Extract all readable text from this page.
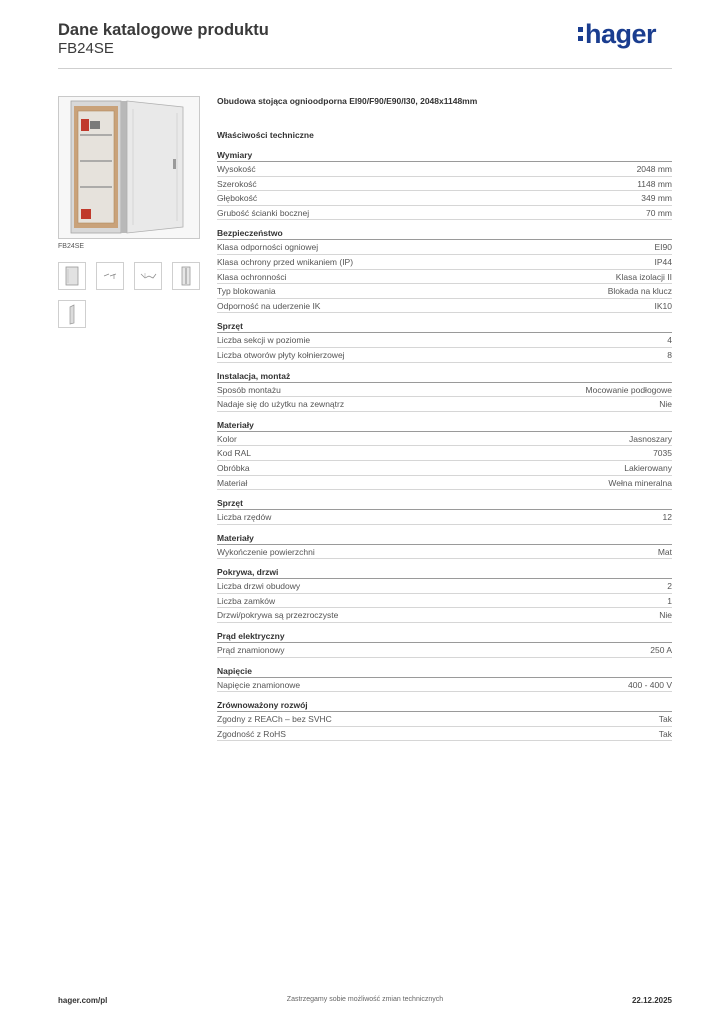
Dane katalogowe produktu
FB24SE	hager
FB24SE
Obudowa stojąca ognioodporna EI90/F90/E90/I30, 2048x1148mm
Właściwości techniczne
Wymiary
Wysokość	2048 mm
Szerokość	1148 mm
Głębokość	349 mm
Grubość ścianki bocznej	70 mm
Bezpieczeństwo
Klasa odporności ogniowej	EI90
Klasa ochrony przed wnikaniem (IP)	IP44
Klasa ochronności	Klasa izolacji II
Typ blokowania	Blokada na klucz
Odporność na uderzenie IK	IK10
Sprzęt
Liczba sekcji w poziomie	4
Liczba otworów płyty kołnierzowej	8
Instalacja, montaż
Sposób montażu	Mocowanie podłogowe
Nadaje się do użytku na zewnątrz	Nie
Materiały
Kolor	Jasnoszary
Kod RAL	7035
Obróbka	Lakierowany
Materiał	Wełna mineralna
Sprzęt
Liczba rzędów	12
Materiały
Wykończenie powierzchni	Mat
Pokrywa, drzwi
Liczba drzwi obudowy	2
Liczba zamków	1
Drzwi/pokrywa są przezroczyste	Nie
Prąd elektryczny
Prąd znamionowy	250 A
Napięcie
Napięcie znamionowe	400 - 400 V
Zrównoważony rozwój
Zgodny z REACh – bez SVHC	Tak
Zgodność z RoHS	Tak
hager.com/pl	Zastrzegamy sobie możliwość zmian technicznych	22.12.2025
